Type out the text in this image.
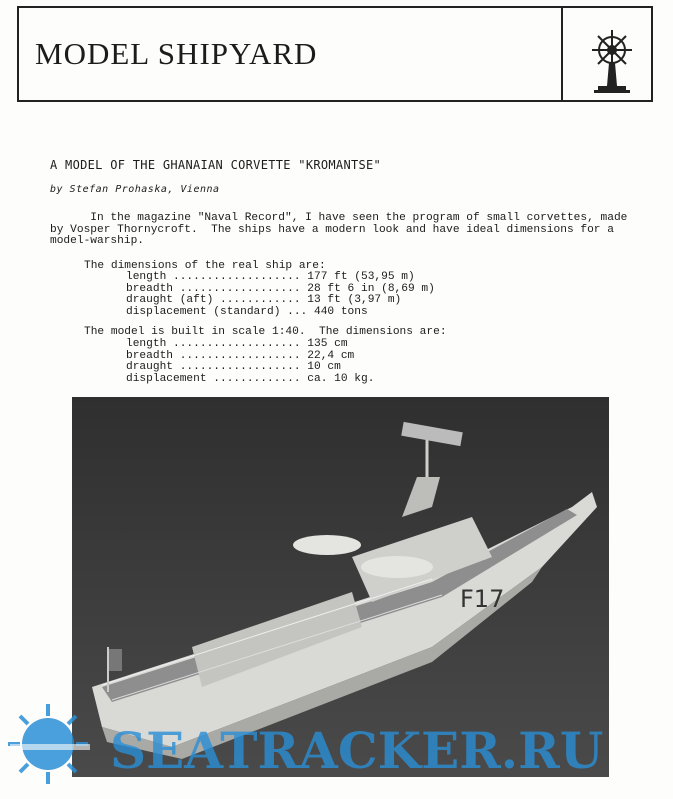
MODEL SHIPYARD
A MODEL OF THE GHANAIAN CORVETTE "KROMANTSE"
by Stefan Prohaska, Vienna
In the magazine "Naval Record", I have seen the program of small corvettes, made
by Vosper Thornycroft.  The ships have a modern look and have ideal dimensions for a
model-warship.
The dimensions of the real ship are:
length ................... 177 ft (53,95 m)
breadth .................. 28 ft 6 in (8,69 m)
draught (aft) ............ 13 ft (3,97 m)
displacement (standard) ... 440 tons
The model is built in scale 1:40.  The dimensions are:
length ................... 135 cm
breadth .................. 22,4 cm
draught .................. 10 cm
displacement ............. ca. 10 kg.
F17
SEATRACKER.RU
